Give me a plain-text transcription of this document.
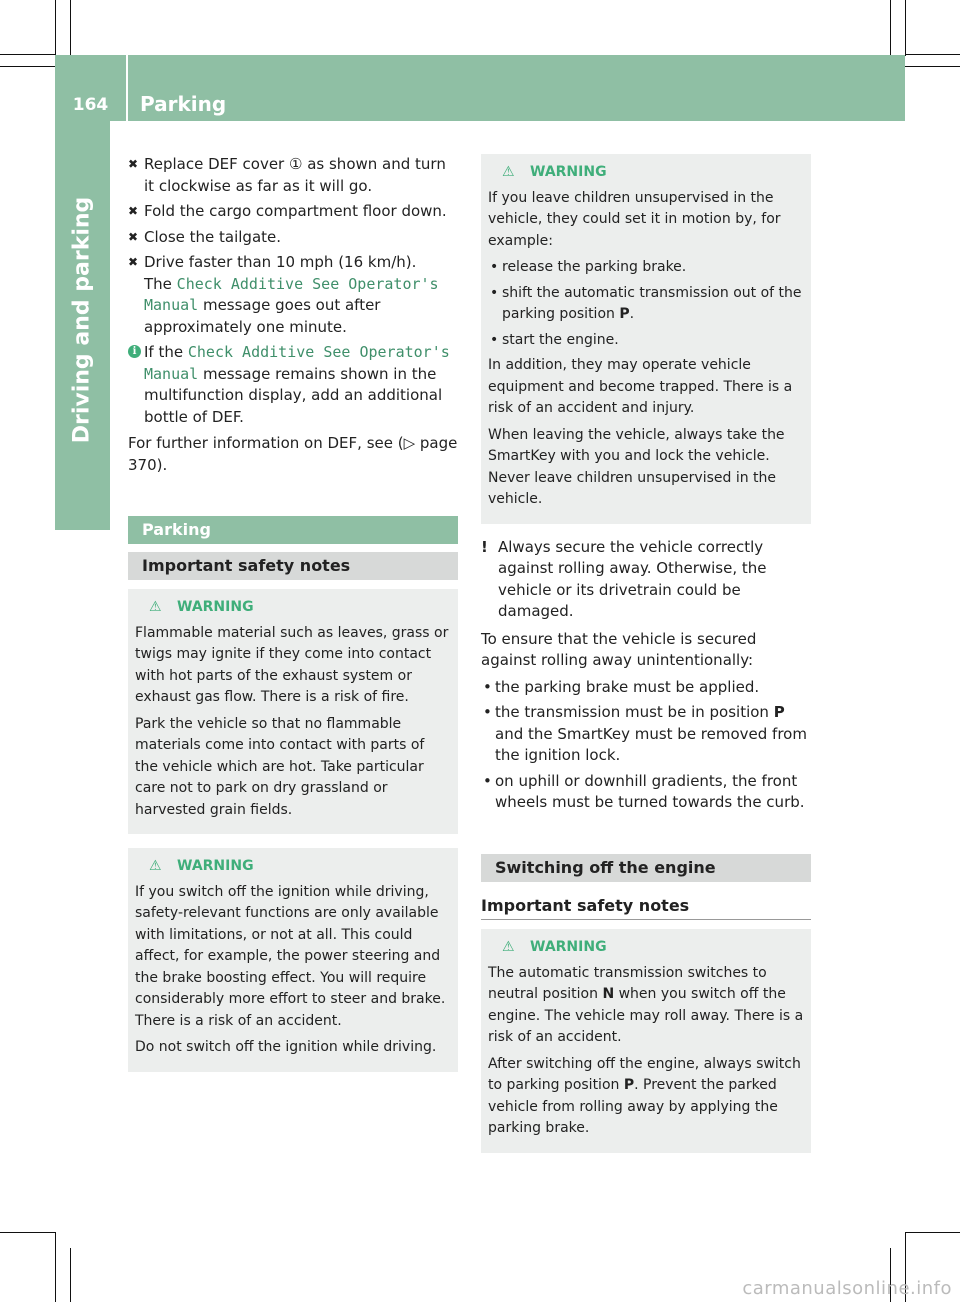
164	Parking
Driving and parking
✖ Replace DEF cover ① as shown and turn it clockwise as far as it will go.
✖ Fold the cargo compartment floor down.
✖ Close the tailgate.
✖ Drive faster than 10 mph (16 km/h).
The Check Additive See Operator's Manual message goes out after approximately one minute.
i If the Check Additive See Operator's Manual message remains shown in the multifunction display, add an additional bottle of DEF.

For further information on DEF, see (▷ page 370).

Parking
Important safety notes
⚠ WARNING

Flammable material such as leaves, grass or twigs may ignite if they come into contact with hot parts of the exhaust system or exhaust gas flow. There is a risk of fire.

Park the vehicle so that no flammable materials come into contact with parts of the vehicle which are hot. Take particular care not to park on dry grassland or harvested grain fields.

⚠ WARNING

If you switch off the ignition while driving, safety-relevant functions are only available with limitations, or not at all. This could affect, for example, the power steering and the brake boosting effect. You will require considerably more effort to steer and brake. There is a risk of an accident.

Do not switch off the ignition while driving.

⚠ WARNING

If you leave children unsupervised in the vehicle, they could set it in motion by, for example:

• release the parking brake.
• shift the automatic transmission out of the parking position P.
• start the engine.

In addition, they may operate vehicle equipment and become trapped. There is a risk of an accident and injury.

When leaving the vehicle, always take the SmartKey with you and lock the vehicle. Never leave children unsupervised in the vehicle.

! Always secure the vehicle correctly against rolling away. Otherwise, the vehicle or its drivetrain could be damaged.

To ensure that the vehicle is secured against rolling away unintentionally:

• the parking brake must be applied.
• the transmission must be in position P and the SmartKey must be removed from the ignition lock.
• on uphill or downhill gradients, the front wheels must be turned towards the curb.
Switching off the engine
Important safety notes
⚠ WARNING

The automatic transmission switches to neutral position N when you switch off the engine. The vehicle may roll away. There is a risk of an accident.

After switching off the engine, always switch to parking position P. Prevent the parked vehicle from rolling away by applying the parking brake.

carmanualsonline.info
